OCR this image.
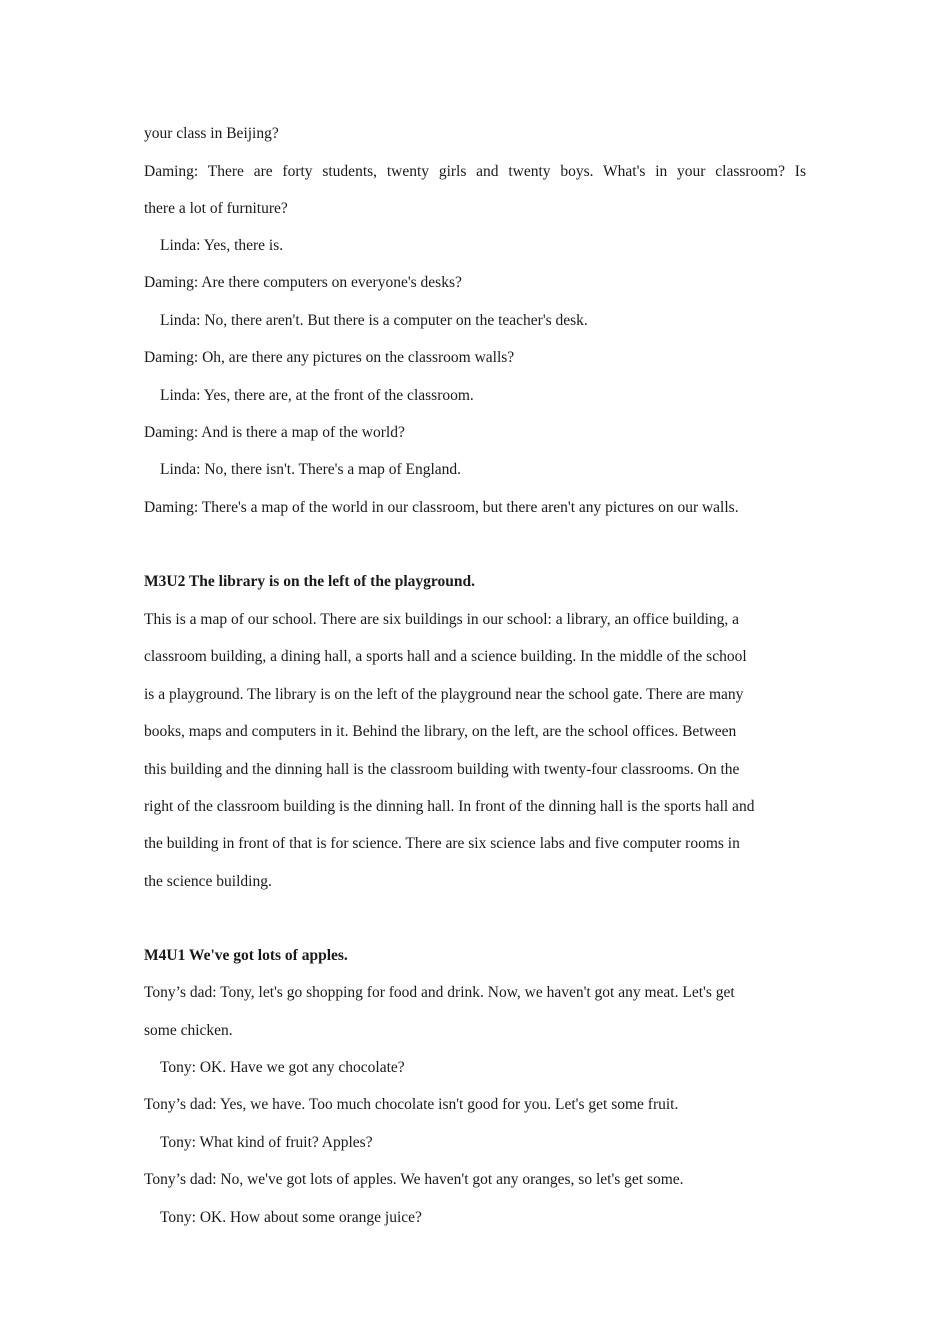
your class in Beijing?
Daming: There are forty students, twenty girls and twenty boys. What's in your classroom? Is
there a lot of furniture?
Linda: Yes, there is.
Daming: Are there computers on everyone's desks?
Linda: No, there aren't. But there is a computer on the teacher's desk.
Daming: Oh, are there any pictures on the classroom walls?
Linda: Yes, there are, at the front of the classroom.
Daming: And is there a map of the world?
Linda: No, there isn't. There's a map of England.
Daming: There's a map of the world in our classroom, but there aren't any pictures on our walls.
M3U2 The library is on the left of the playground.
This is a map of our school. There are six buildings in our school: a library, an office building, a
classroom building, a dining hall, a sports hall and a science building. In the middle of the school
is a playground. The library is on the left of the playground near the school gate. There are many
books, maps and computers in it. Behind the library, on the left, are the school offices. Between
this building and the dinning hall is the classroom building with twenty-four classrooms. On the
right of the classroom building is the dinning hall. In front of the dinning hall is the sports hall and
the building in front of that is for science. There are six science labs and five computer rooms in
the science building.
M4U1 We've got lots of apples.
Tony’s dad: Tony, let's go shopping for food and drink. Now, we haven't got any meat. Let's get
some chicken.
Tony: OK. Have we got any chocolate?
Tony’s dad: Yes, we have. Too much chocolate isn't good for you. Let's get some fruit.
Tony: What kind of fruit? Apples?
Tony’s dad: No, we've got lots of apples. We haven't got any oranges, so let's get some.
Tony: OK. How about some orange juice?
